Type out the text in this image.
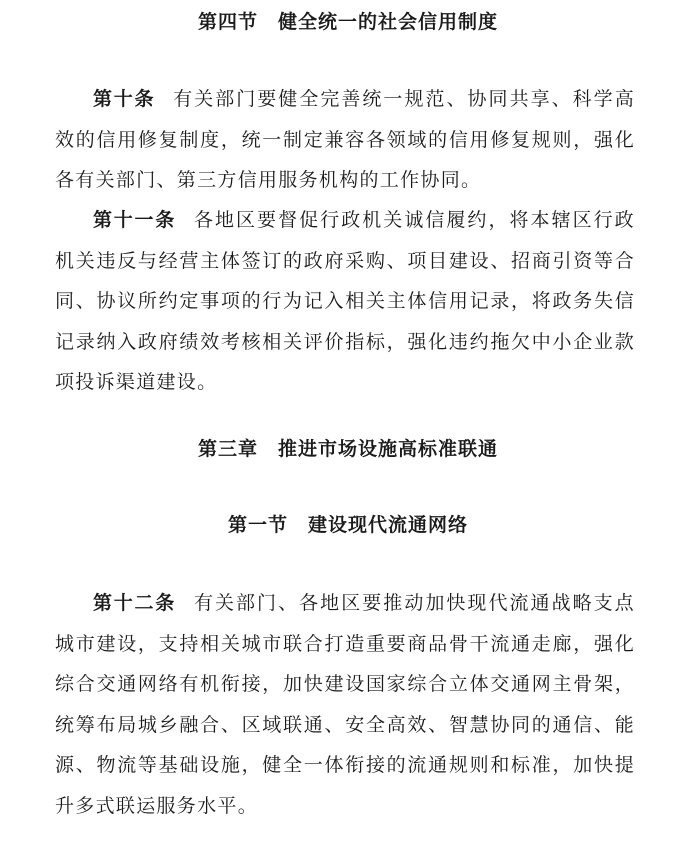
第四节　健全统一的社会信用制度

第十条 有关部门要健全完善统一规范、协同共享、科学高效的信用修复制度，统一制定兼容各领域的信用修复规则，强化各有关部门、第三方信用服务机构的工作协同。

第十一条 各地区要督促行政机关诚信履约，将本辖区行政机关违反与经营主体签订的政府采购、项目建设、招商引资等合同、协议所约定事项的行为记入相关主体信用记录，将政务失信记录纳入政府绩效考核相关评价指标，强化违约拖欠中小企业款项投诉渠道建设。

第三章　推进市场设施高标准联通
第一节　建设现代流通网络

第十二条 有关部门、各地区要推动加快现代流通战略支点城市建设，支持相关城市联合打造重要商品骨干流通走廊，强化综合交通网络有机衔接，加快建设国家综合立体交通网主骨架，统筹布局城乡融合、区域联通、安全高效、智慧协同的通信、能源、物流等基础设施，健全一体衔接的流通规则和标准，加快提升多式联运服务水平。
